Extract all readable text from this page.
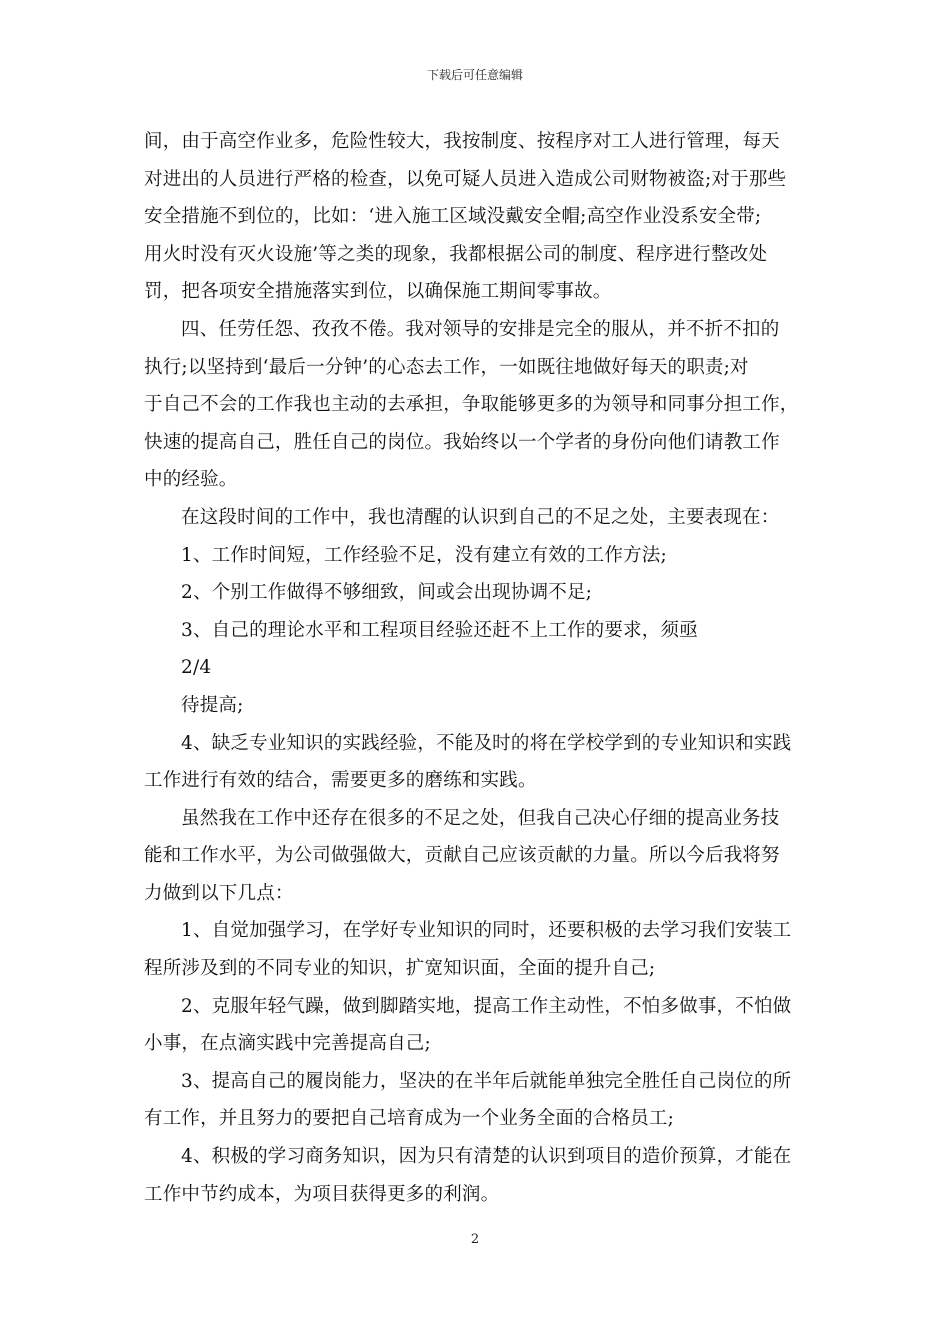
下载后可任意编辑
间，由于高空作业多，危险性较大，我按制度、按程序对工人进行管理，每天
对进出的人员进行严格的检查，以免可疑人员进入造成公司财物被盗;对于那些
安全措施不到位的，比如：‘进入施工区域没戴安全帽;高空作业没系安全带;
用火时没有灭火设施’等之类的现象，我都根据公司的制度、程序进行整改处
罚，把各项安全措施落实到位，以确保施工期间零事故。
四、任劳任怨、孜孜不倦。我对领导的安排是完全的服从，并不折不扣的
执行;以坚持到‘最后一分钟’的心态去工作，一如既往地做好每天的职责;对
于自己不会的工作我也主动的去承担，争取能够更多的为领导和同事分担工作，
快速的提高自己，胜任自己的岗位。我始终以一个学者的身份向他们请教工作
中的经验。
在这段时间的工作中，我也清醒的认识到自己的不足之处，主要表现在：
1、工作时间短，工作经验不足，没有建立有效的工作方法;
2、个别工作做得不够细致，间或会出现协调不足;
3、自己的理论水平和工程项目经验还赶不上工作的要求，须亟
2/4
待提高;
4、缺乏专业知识的实践经验，不能及时的将在学校学到的专业知识和实践
工作进行有效的结合，需要更多的磨练和实践。
虽然我在工作中还存在很多的不足之处，但我自己决心仔细的提高业务技
能和工作水平，为公司做强做大，贡献自己应该贡献的力量。所以今后我将努
力做到以下几点：
1、自觉加强学习，在学好专业知识的同时，还要积极的去学习我们安装工
程所涉及到的不同专业的知识，扩宽知识面，全面的提升自己;
2、克服年轻气躁，做到脚踏实地，提高工作主动性，不怕多做事，不怕做
小事，在点滴实践中完善提高自己;
3、提高自己的履岗能力，坚决的在半年后就能单独完全胜任自己岗位的所
有工作，并且努力的要把自己培育成为一个业务全面的合格员工;
4、积极的学习商务知识，因为只有清楚的认识到项目的造价预算，才能在
工作中节约成本，为项目获得更多的利润。
2
